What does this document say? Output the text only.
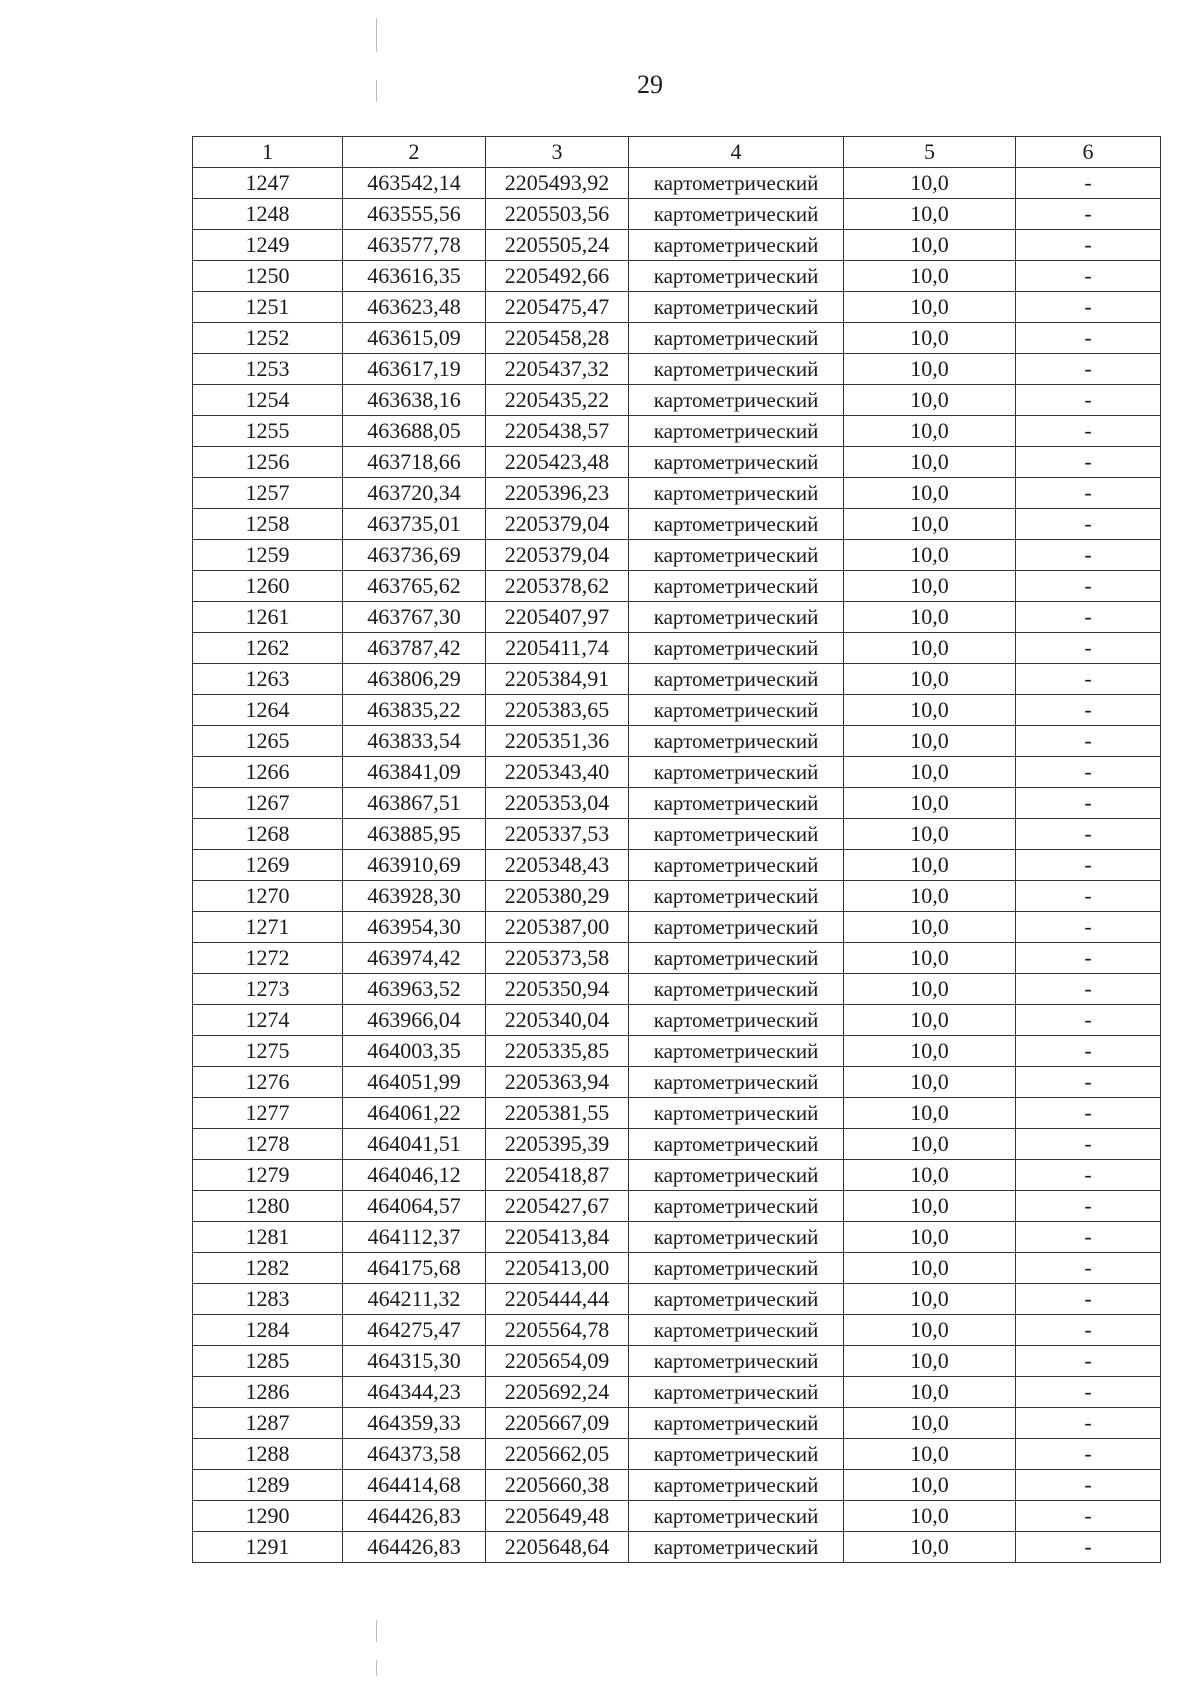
29
1	2	3	4	5	6
1247	463542,14	2205493,92	картометрический	10,0	-
1248	463555,56	2205503,56	картометрический	10,0	-
1249	463577,78	2205505,24	картометрический	10,0	-
1250	463616,35	2205492,66	картометрический	10,0	-
1251	463623,48	2205475,47	картометрический	10,0	-
1252	463615,09	2205458,28	картометрический	10,0	-
1253	463617,19	2205437,32	картометрический	10,0	-
1254	463638,16	2205435,22	картометрический	10,0	-
1255	463688,05	2205438,57	картометрический	10,0	-
1256	463718,66	2205423,48	картометрический	10,0	-
1257	463720,34	2205396,23	картометрический	10,0	-
1258	463735,01	2205379,04	картометрический	10,0	-
1259	463736,69	2205379,04	картометрический	10,0	-
1260	463765,62	2205378,62	картометрический	10,0	-
1261	463767,30	2205407,97	картометрический	10,0	-
1262	463787,42	2205411,74	картометрический	10,0	-
1263	463806,29	2205384,91	картометрический	10,0	-
1264	463835,22	2205383,65	картометрический	10,0	-
1265	463833,54	2205351,36	картометрический	10,0	-
1266	463841,09	2205343,40	картометрический	10,0	-
1267	463867,51	2205353,04	картометрический	10,0	-
1268	463885,95	2205337,53	картометрический	10,0	-
1269	463910,69	2205348,43	картометрический	10,0	-
1270	463928,30	2205380,29	картометрический	10,0	-
1271	463954,30	2205387,00	картометрический	10,0	-
1272	463974,42	2205373,58	картометрический	10,0	-
1273	463963,52	2205350,94	картометрический	10,0	-
1274	463966,04	2205340,04	картометрический	10,0	-
1275	464003,35	2205335,85	картометрический	10,0	-
1276	464051,99	2205363,94	картометрический	10,0	-
1277	464061,22	2205381,55	картометрический	10,0	-
1278	464041,51	2205395,39	картометрический	10,0	-
1279	464046,12	2205418,87	картометрический	10,0	-
1280	464064,57	2205427,67	картометрический	10,0	-
1281	464112,37	2205413,84	картометрический	10,0	-
1282	464175,68	2205413,00	картометрический	10,0	-
1283	464211,32	2205444,44	картометрический	10,0	-
1284	464275,47	2205564,78	картометрический	10,0	-
1285	464315,30	2205654,09	картометрический	10,0	-
1286	464344,23	2205692,24	картометрический	10,0	-
1287	464359,33	2205667,09	картометрический	10,0	-
1288	464373,58	2205662,05	картометрический	10,0	-
1289	464414,68	2205660,38	картометрический	10,0	-
1290	464426,83	2205649,48	картометрический	10,0	-
1291	464426,83	2205648,64	картометрический	10,0	-
